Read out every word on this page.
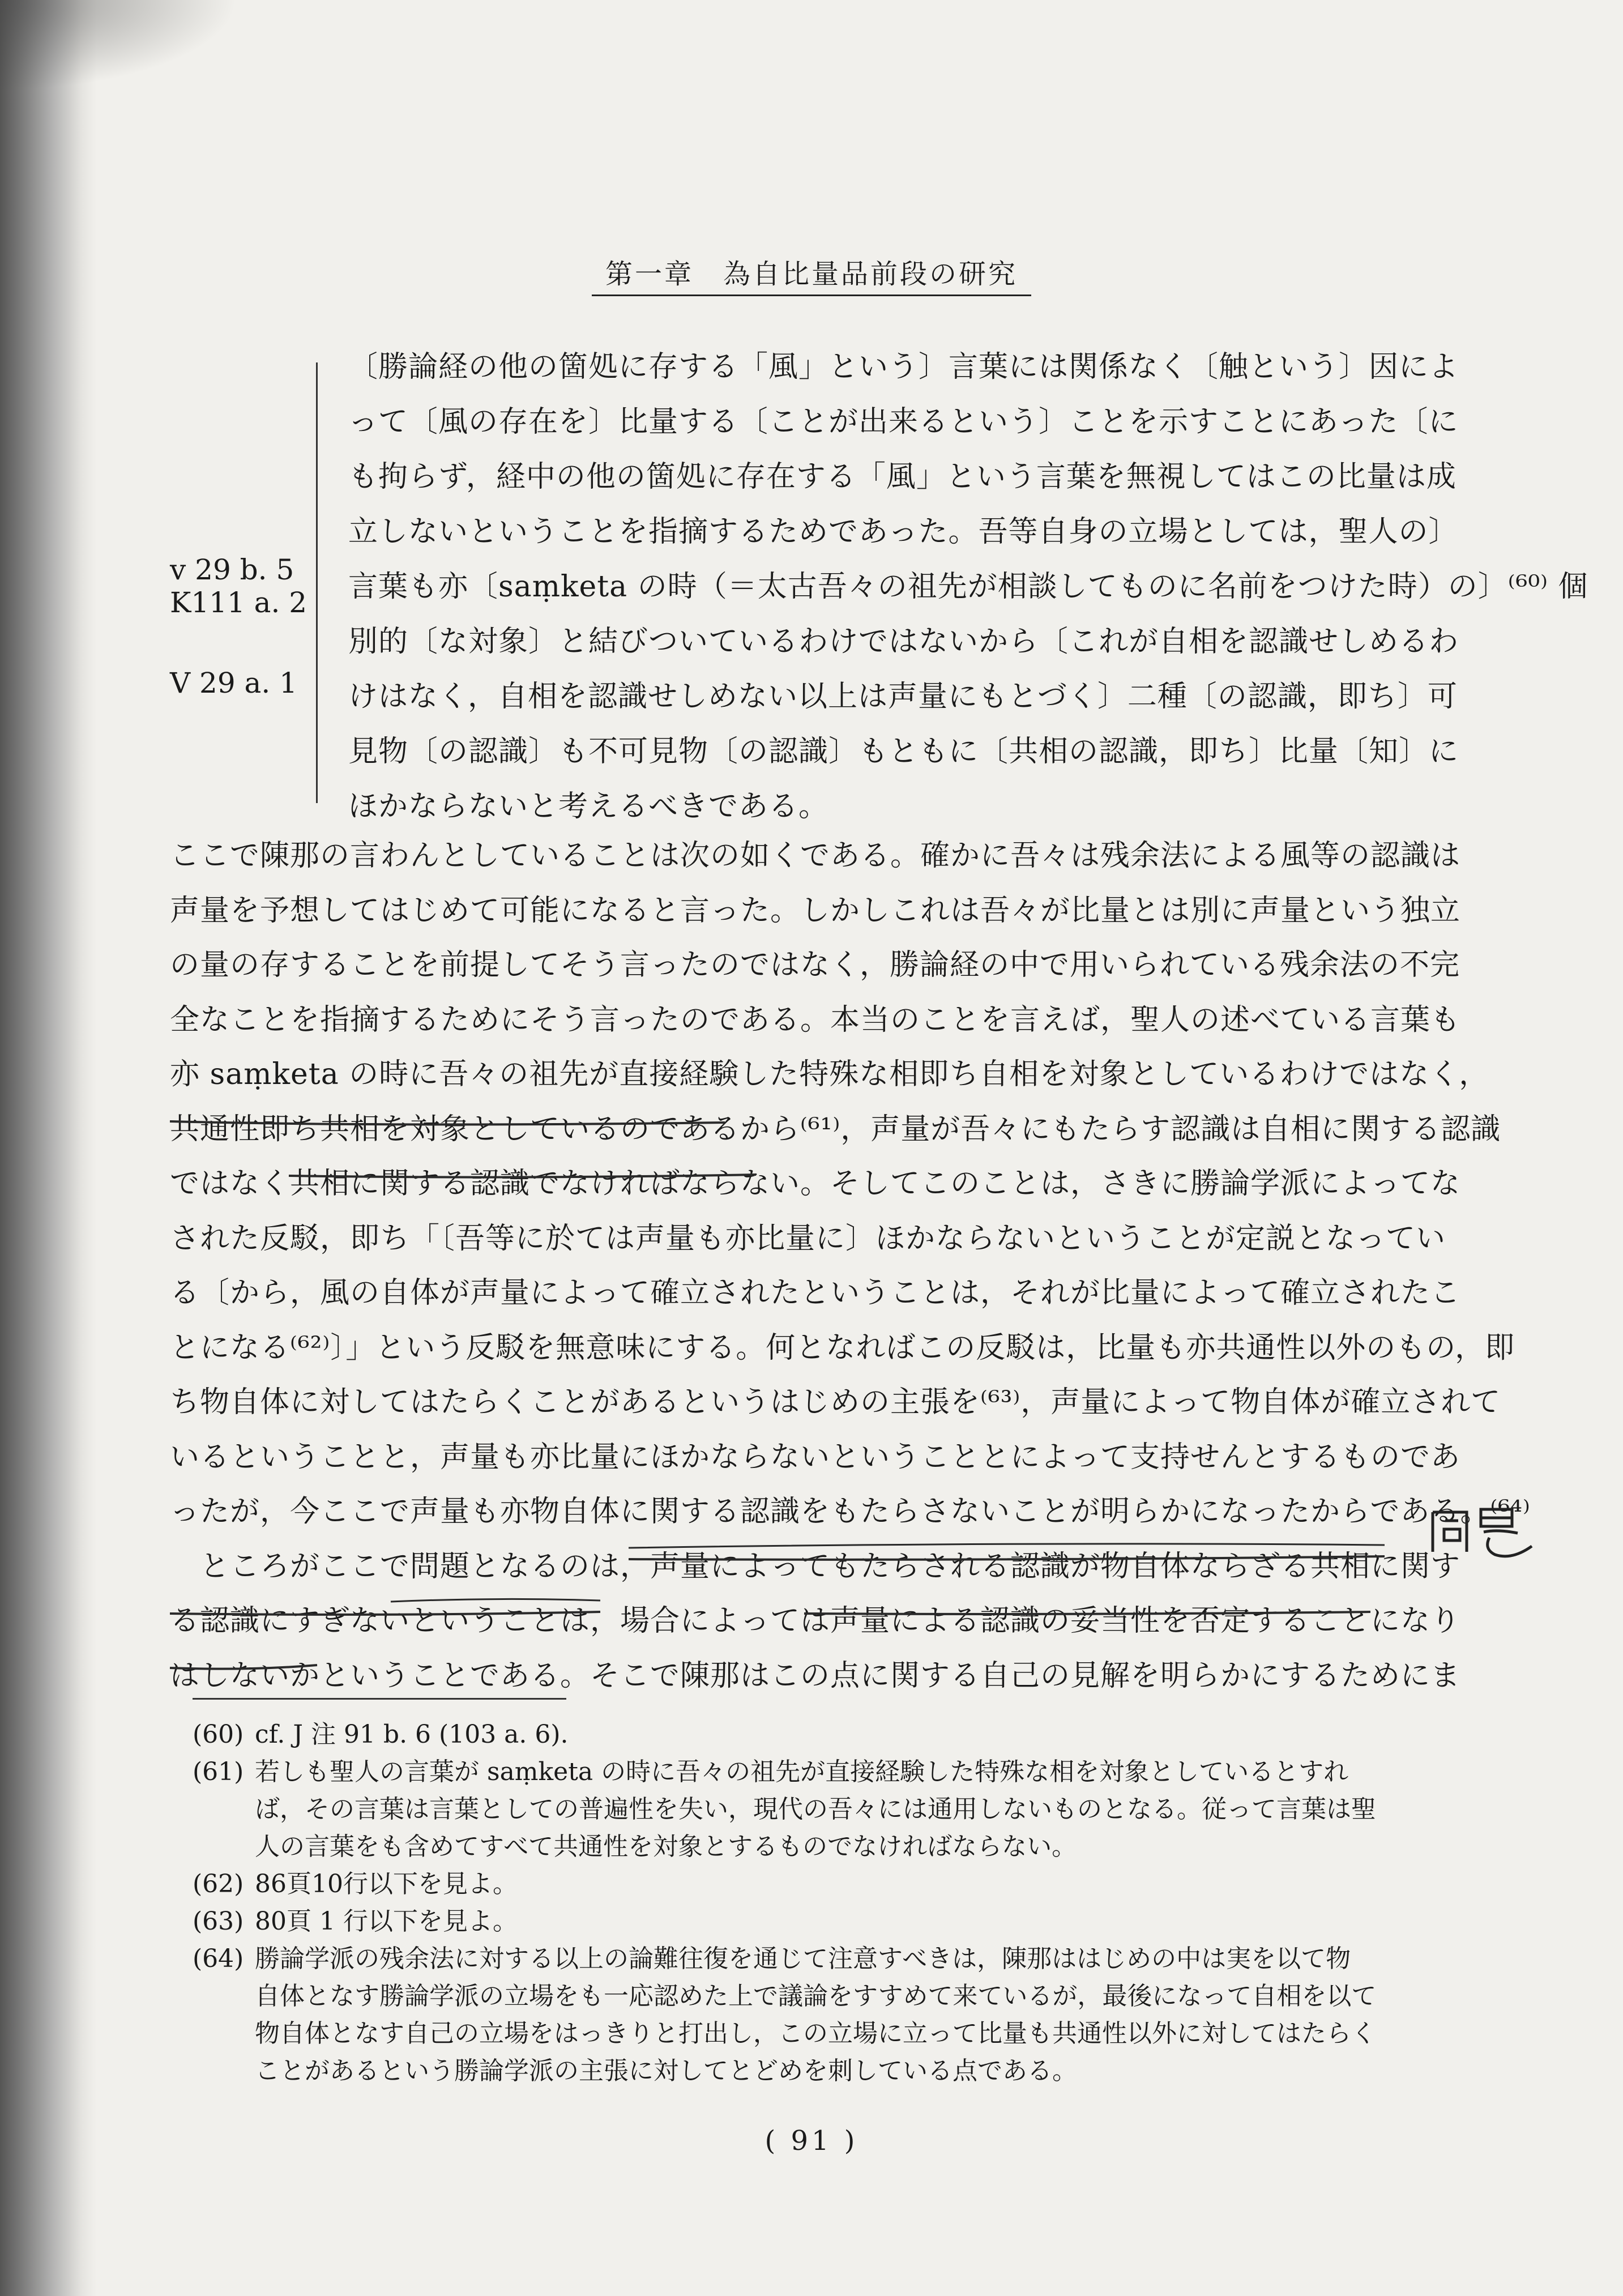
第一章　為自比量品前段の研究
v 29 b. 5
K111 a. 2
V 29 a. 1
〔勝論経の他の箇処に存する「風」という〕言葉には関係なく〔触という〕因によ
って〔風の存在を〕比量する〔ことが出来るという〕ことを示すことにあった〔に
も拘らず，経中の他の箇処に存在する「風」という言葉を無視してはこの比量は成
立しないということを指摘するためであった。吾等自身の立場としては，聖人の〕
言葉も亦〔saṃketa の時（＝太古吾々の祖先が相談してものに名前をつけた時）の〕⁽⁶⁰⁾ 個
別的〔な対象〕と結びついているわけではないから〔これが自相を認識せしめるわ
けはなく，自相を認識せしめない以上は声量にもとづく〕二種〔の認識，即ち〕可
見物〔の認識〕も不可見物〔の認識〕もともに〔共相の認識，即ち〕比量〔知〕に
ほかならないと考えるべきである。
ここで陳那の言わんとしていることは次の如くである。確かに吾々は残余法による風等の認識は
声量を予想してはじめて可能になると言った。しかしこれは吾々が比量とは別に声量という独立
の量の存することを前提してそう言ったのではなく，勝論経の中で用いられている残余法の不完
全なことを指摘するためにそう言ったのである。本当のことを言えば，聖人の述べている言葉も
亦 saṃketa の時に吾々の祖先が直接経験した特殊な相即ち自相を対象としているわけではなく，
共通性即ち共相を対象としているのであるから⁽⁶¹⁾，声量が吾々にもたらす認識は自相に関する認識
ではなく共相に関する認識でなければならない。そしてこのことは，さきに勝論学派によってな
された反駁，即ち「〔吾等に於ては声量も亦比量に〕ほかならないということが定説となってい
る〔から，風の自体が声量によって確立されたということは，それが比量によって確立されたこ
とになる⁽⁶²⁾〕」という反駁を無意味にする。何となればこの反駁は，比量も亦共通性以外のもの，即
ち物自体に対してはたらくことがあるというはじめの主張を⁽⁶³⁾，声量によって物自体が確立されて
いるということと，声量も亦比量にほかならないということとによって支持せんとするものであ
ったが，今ここで声量も亦物自体に関する認識をもたらさないことが明らかになったからである。⁽⁶⁴⁾
　ところがここで問題となるのは，声量によってもたらされる認識が物自体ならざる共相に関す
る認識にすぎないということは，場合によっては声量による認識の妥当性を否定することになり
はしないかということである。そこで陳那はこの点に関する自己の見解を明らかにするためにま
(60) cf. J 注 91 b. 6 (103 a. 6).
(61) 若しも聖人の言葉が saṃketa の時に吾々の祖先が直接経験した特殊な相を対象としているとすれ
ば，その言葉は言葉としての普遍性を失い，現代の吾々には通用しないものとなる。従って言葉は聖
人の言葉をも含めてすべて共通性を対象とするものでなければならない。
(62) 86頁10行以下を見よ。
(63) 80頁 1 行以下を見よ。
(64) 勝論学派の残余法に対する以上の論難往復を通じて注意すべきは，陳那ははじめの中は実を以て物
自体となす勝論学派の立場をも一応認めた上で議論をすすめて来ているが，最後になって自相を以て
物自体となす自己の立場をはっきりと打出し，この立場に立って比量も共通性以外に対してはたらく
ことがあるという勝論学派の主張に対してとどめを刺している点である。
( 91 )
